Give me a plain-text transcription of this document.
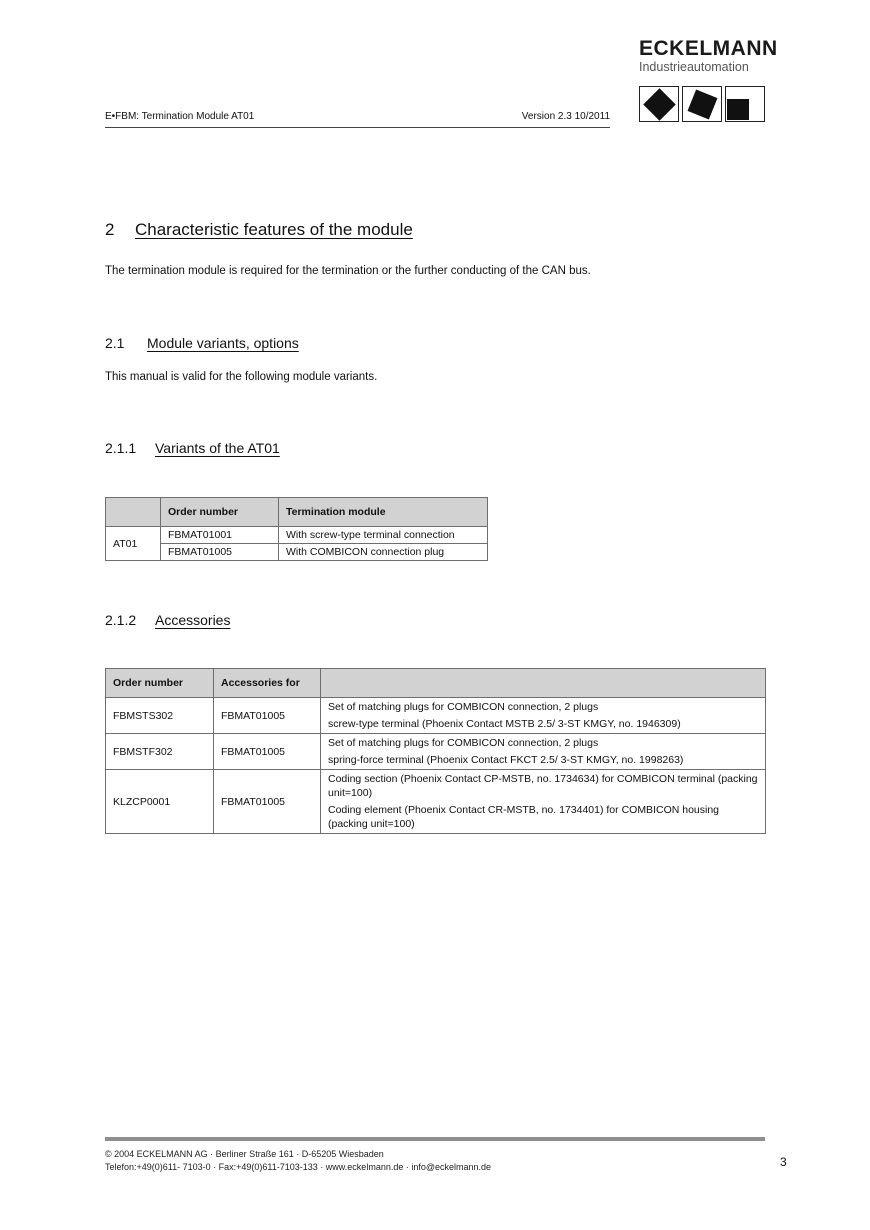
E•FBM: Termination Module AT01	Version 2.3 10/2011
ECKELMANN
Industrieautomation
2	Characteristic features of the module
The termination module is required for the termination or the further conducting of the CAN bus.
2.1	Module variants, options
This manual is valid for the following module variants.
2.1.1	Variants of the AT01
	Order number	Termination module
AT01	FBMAT01001	With screw-type terminal connection
	FBMAT01005	With COMBICON connection plug
2.1.2	Accessories
Order number	Accessories for	
FBMSTS302	FBMAT01005	Set of matching plugs for COMBICON connection, 2 plugs
screw-type terminal (Phoenix Contact MSTB 2.5/ 3-ST KMGY, no. 1946309)

FBMSTF302	FBMAT01005	Set of matching plugs for COMBICON connection, 2 plugs
spring-force terminal (Phoenix Contact FKCT 2.5/ 3-ST KMGY, no. 1998263)

KLZCP0001	FBMAT01005	Coding section (Phoenix Contact CP-MSTB, no. 1734634) for COMBICON terminal (packing unit=100)
Coding element (Phoenix Contact CR-MSTB, no. 1734401) for COMBICON housing (packing unit=100)
© 2004 ECKELMANN AG · Berliner Straße 161 · D-65205 Wiesbaden
Telefon:+49(0)611- 7103-0 · Fax:+49(0)611-7103-133 · www.eckelmann.de · info@eckelmann.de	3
